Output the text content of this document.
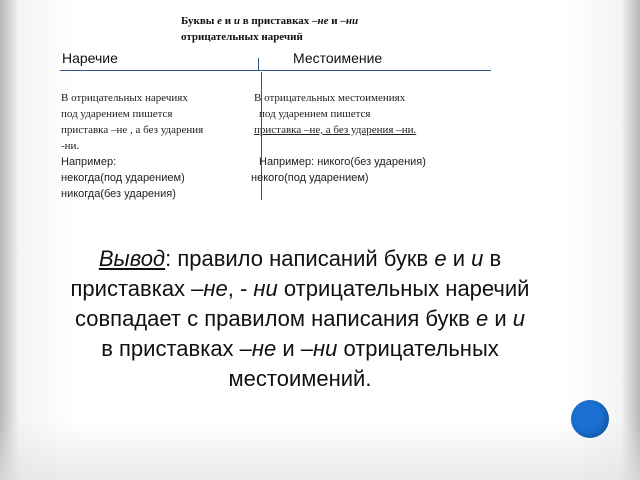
Буквы е и и в приставках –не и –ни
отрицательных наречий
Наречие	Местоимение
В отрицательных наречиях
под ударением пишется
приставка –не , а без ударения
-ни.
Например:
некогда(под ударением)
никогда(без ударения)
В отрицательных местоимениях
под ударением пишется
приставка –не, а без ударения –ни.
Например: никого(без ударения)
некого(под ударением)
Вывод: правило написаний букв е и и в приставках –не, - ни отрицательных наречий совпадает с правилом написания букв е и и в приставках –не и –ни отрицательных местоимений.
